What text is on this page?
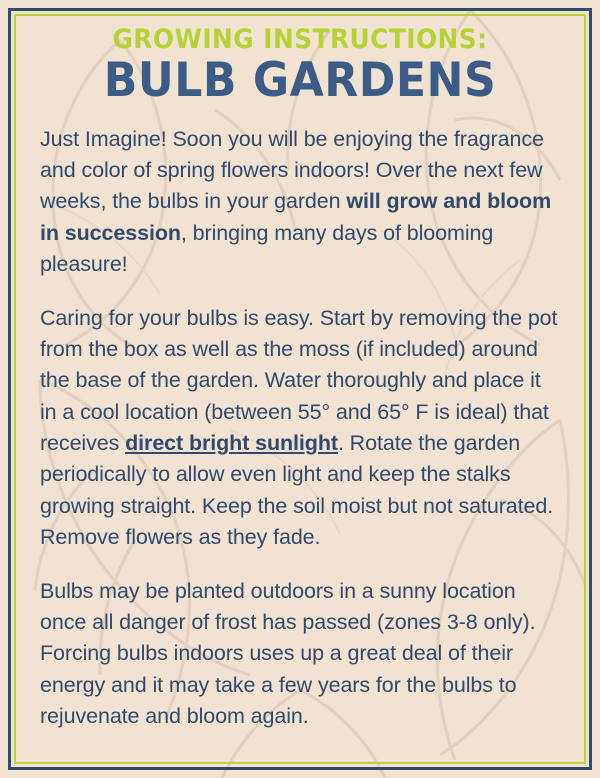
GROWING INSTRUCTIONS:
BULB GARDENS

Just Imagine! Soon you will be enjoying the fragrance and color of spring flowers indoors! Over the next few weeks, the bulbs in your garden will grow and bloom in succession, bringing many days of blooming pleasure!

Caring for your bulbs is easy. Start by removing the pot from the box as well as the moss (if included) around the base of the garden. Water thoroughly and place it in a cool location (between 55° and 65° F is ideal) that receives direct bright sunlight. Rotate the garden periodically to allow even light and keep the stalks growing straight. Keep the soil moist but not saturated. Remove flowers as they fade.

Bulbs may be planted outdoors in a sunny location once all danger of frost has passed (zones 3-8 only). Forcing bulbs indoors uses up a great deal of their energy and it may take a few years for the bulbs to rejuvenate and bloom again.
